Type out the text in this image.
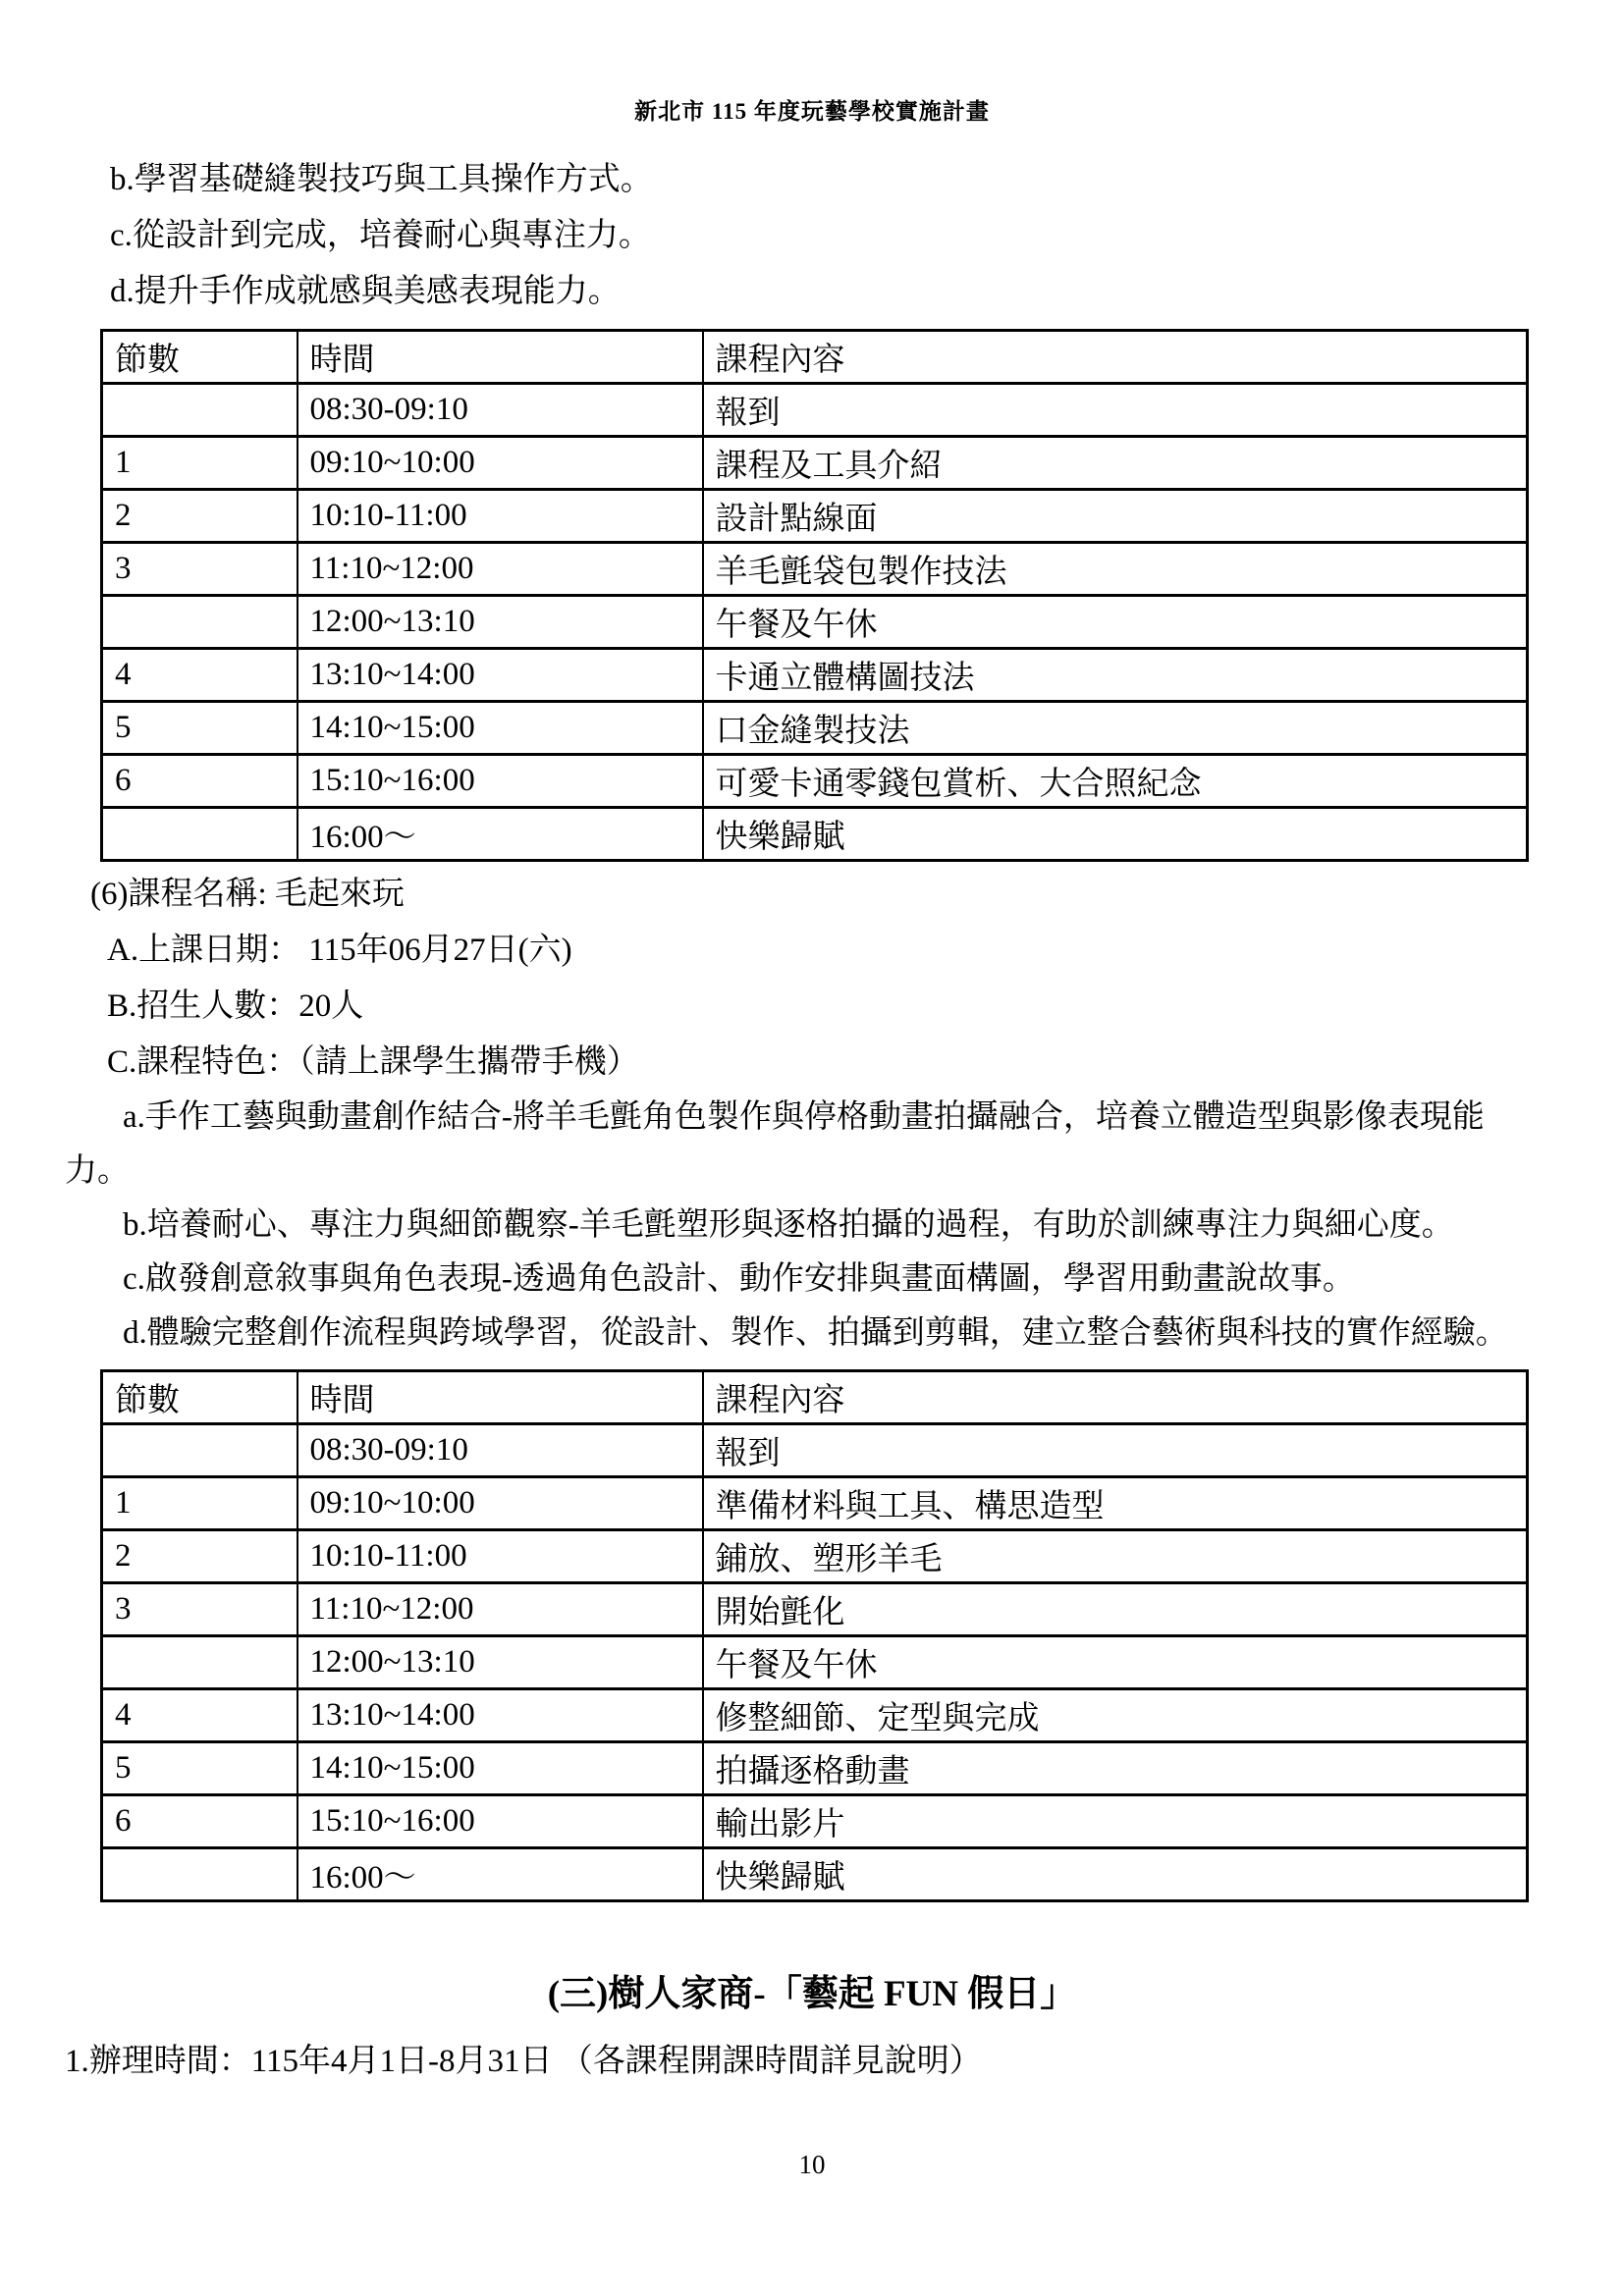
新北市 115 年度玩藝學校實施計畫
b.學習基礎縫製技巧與工具操作方式。
c.從設計到完成，培養耐心與專注力。
d.提升手作成就感與美感表現能力。
節數	時間	課程內容
	08:30-09:10	報到
1	09:10~10:00	課程及工具介紹
2	10:10-11:00	設計點線面
3	11:10~12:00	羊毛氈袋包製作技法
	12:00~13:10	午餐及午休
4	13:10~14:00	卡通立體構圖技法
5	14:10~15:00	口金縫製技法
6	15:10~16:00	可愛卡通零錢包賞析、大合照紀念
	16:00～	快樂歸賦
(6)課程名稱: 毛起來玩
A.上課日期： 115年06月27日(六)
B.招生人數：20人
C.課程特色：（請上課學生攜帶手機）
a.手作工藝與動畫創作結合-將羊毛氈角色製作與停格動畫拍攝融合，培養立體造型與影像表現能
力。
b.培養耐心、專注力與細節觀察-羊毛氈塑形與逐格拍攝的過程，有助於訓練專注力與細心度。
c.啟發創意敘事與角色表現-透過角色設計、動作安排與畫面構圖，學習用動畫說故事。
d.體驗完整創作流程與跨域學習，從設計、製作、拍攝到剪輯，建立整合藝術與科技的實作經驗。
節數	時間	課程內容
	08:30-09:10	報到
1	09:10~10:00	準備材料與工具、構思造型
2	10:10-11:00	鋪放、塑形羊毛
3	11:10~12:00	開始氈化
	12:00~13:10	午餐及午休
4	13:10~14:00	修整細節、定型與完成
5	14:10~15:00	拍攝逐格動畫
6	15:10~16:00	輸出影片
	16:00～	快樂歸賦
(三)樹人家商-「藝起 FUN 假日」
1.辦理時間：115年4月1日-8月31日 （各課程開課時間詳見說明）
10
